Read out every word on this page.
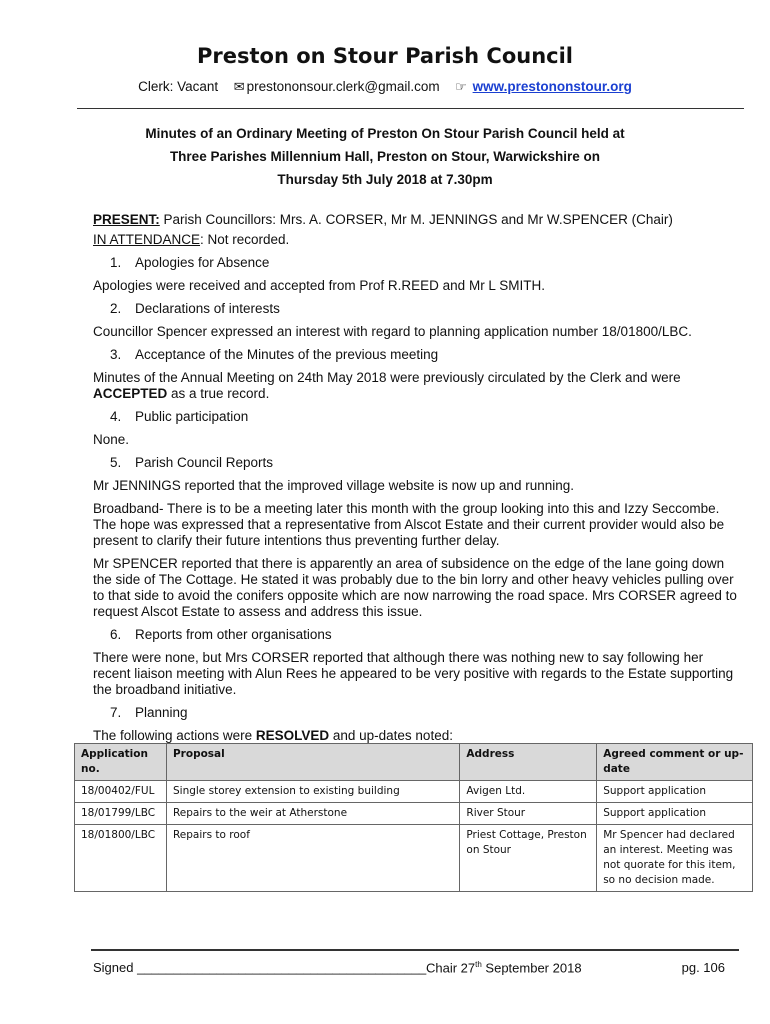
Preston on Stour Parish Council
Clerk: Vacant ✉ prestononsour.clerk@gmail.com ☞ www.prestononstour.org
Minutes of an Ordinary Meeting of Preston On Stour Parish Council held at
Three Parishes Millennium Hall, Preston on Stour, Warwickshire on
Thursday 5th July 2018 at 7.30pm

PRESENT: Parish Councillors: Mrs. A. CORSER, Mr M. JENNINGS and Mr W.SPENCER (Chair)

IN ATTENDANCE: Not recorded.

1. Apologies for Absence

Apologies were received and accepted from Prof R.REED and Mr L SMITH.

2. Declarations of interests

Councillor Spencer expressed an interest with regard to planning application number 18/01800/LBC.

3. Acceptance of the Minutes of the previous meeting

Minutes of the Annual Meeting on 24th May 2018 were previously circulated by the Clerk and were ACCEPTED as a true record.

4. Public participation

None.

5. Parish Council Reports

Mr JENNINGS reported that the improved village website is now up and running.

Broadband- There is to be a meeting later this month with the group looking into this and Izzy Seccombe. The hope was expressed that a representative from Alscot Estate and their current provider would also be present to clarify their future intentions thus preventing further delay.

Mr SPENCER reported that there is apparently an area of subsidence on the edge of the lane going down the side of The Cottage. He stated it was probably due to the bin lorry and other heavy vehicles pulling over to that side to avoid the conifers opposite which are now narrowing the road space. Mrs CORSER agreed to request Alscot Estate to assess and address this issue.

6. Reports from other organisations

There were none, but Mrs CORSER reported that although there was nothing new to say following her recent liaison meeting with Alun Rees he appeared to be very positive with regards to the Estate supporting the broadband initiative.

7. Planning

The following actions were RESOLVED and up-dates noted:

Application no.	Proposal	Address	Agreed comment or up-date
18/00402/FUL	Single storey extension to existing building	Avigen Ltd.	Support application
18/01799/LBC	Repairs to the weir at Atherstone	River Stour	Support application
18/01800/LBC	Repairs to roof	Priest Cottage, Preston on Stour	Mr Spencer had declared an interest. Meeting was not quorate for this item, so no decision made.
Signed ________________________________________ Chair 27th September 2018	pg. 106
